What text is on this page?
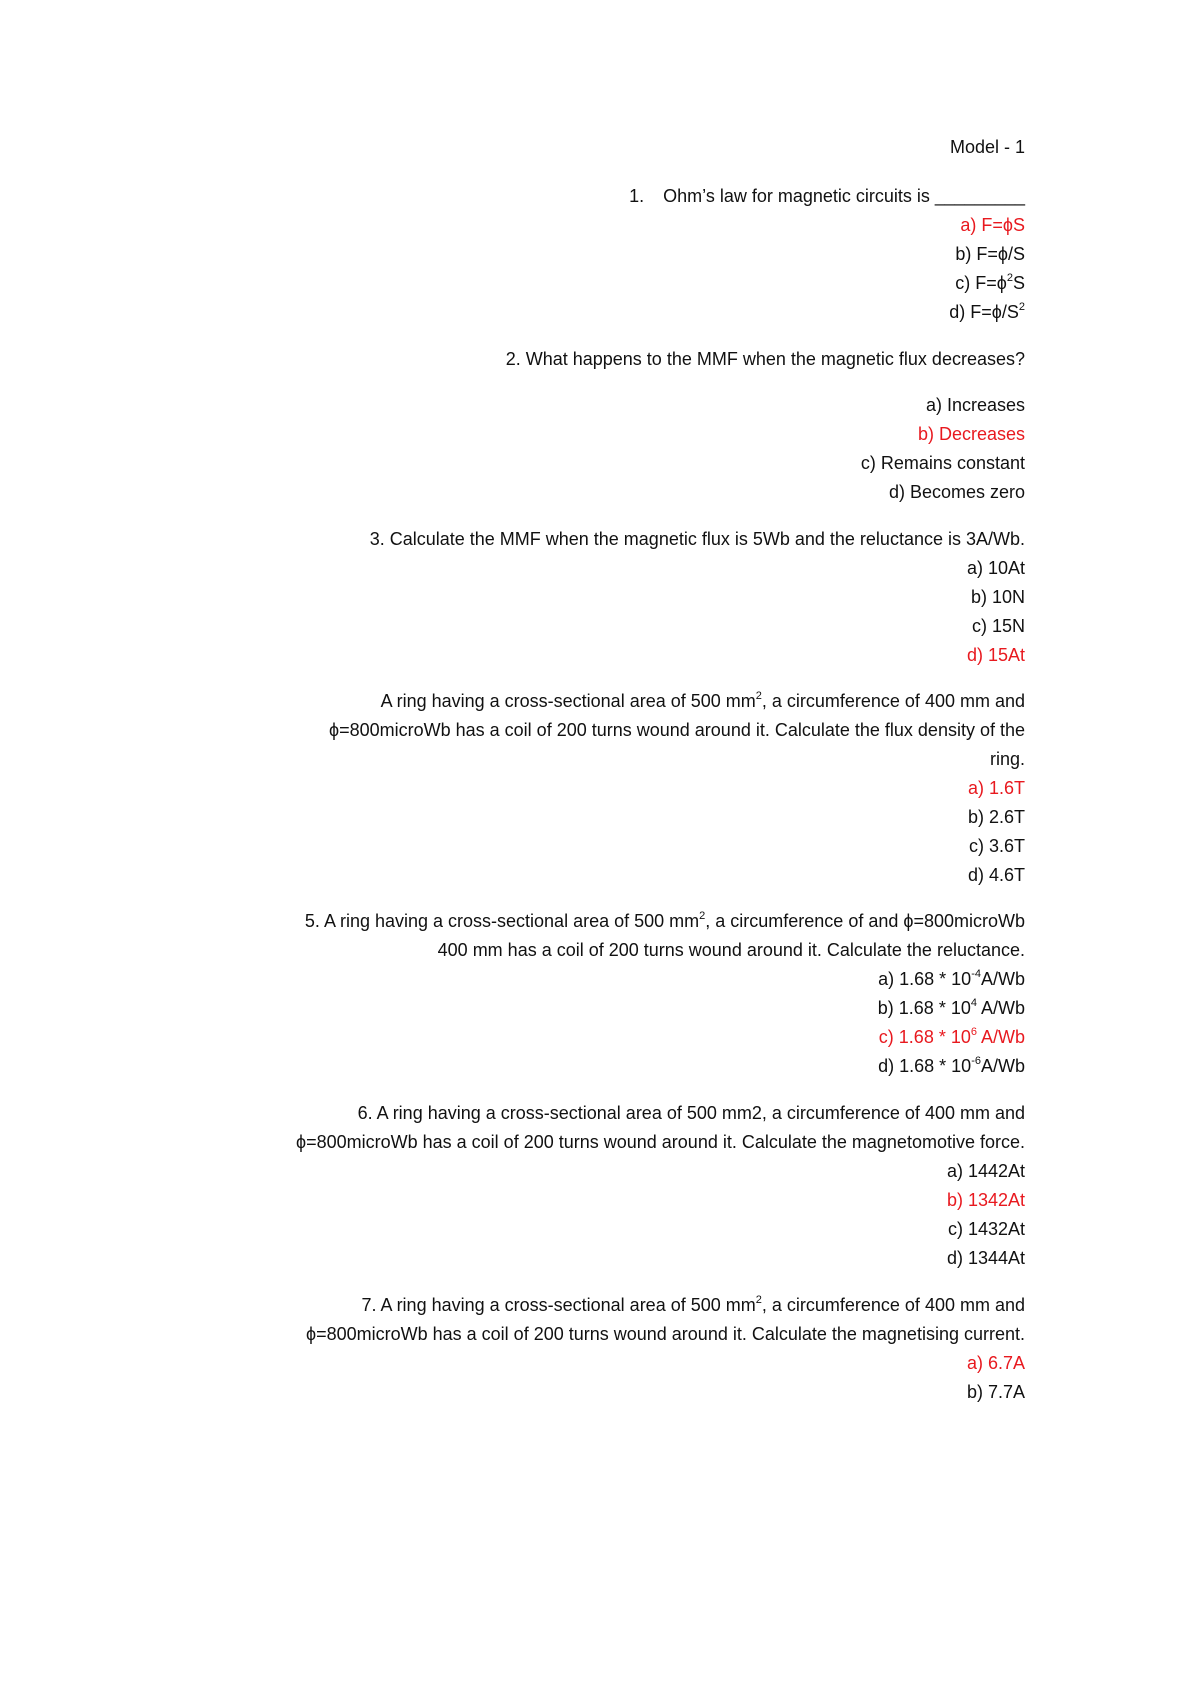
Model - 1
1. Ohm’s law for magnetic circuits is _________
a) F=ϕS
b) F=ϕ/S
c) $F=\phi^2S$
d) $F=\phi/S^2$
2. What happens to the MMF when the magnetic flux decreases?
a) Increases
b) Decreases
c) Remains constant
d) Becomes zero
3. Calculate the MMF when the magnetic flux is 5Wb and the reluctance is 3A/Wb.
a) 10At
b) 10N
c) 15N
d) 15At
A ring having a cross-sectional area of 500 $mm^2$, a circumference of 400 mm and
ϕ=800microWb has a coil of 200 turns wound around it. Calculate the flux density of the
ring.
a) 1.6T
b) 2.6T
c) 3.6T
d) 4.6T
5. A ring having a cross-sectional area of 500 $mm^2$, a circumference of and ϕ=800microWb
400 mm has a coil of 200 turns wound around it. Calculate the reluctance.
a) $1.68 * 10^{-4}A/Wb$
b) $1.68 * 10^4$ A/Wb
c) $1.68 * 10^6$ A/Wb
d) $1.68 * 10^{-6}A/Wb$
6. A ring having a cross-sectional area of 500 mm2, a circumference of 400 mm and
ϕ=800microWb has a coil of 200 turns wound around it. Calculate the magnetomotive force.
a) 1442At
b) 1342At
c) 1432At
d) 1344At
7. A ring having a cross-sectional area of 500 $mm^2$, a circumference of 400 mm and
ϕ=800microWb has a coil of 200 turns wound around it. Calculate the magnetising current.
a) 6.7A
b) 7.7A
